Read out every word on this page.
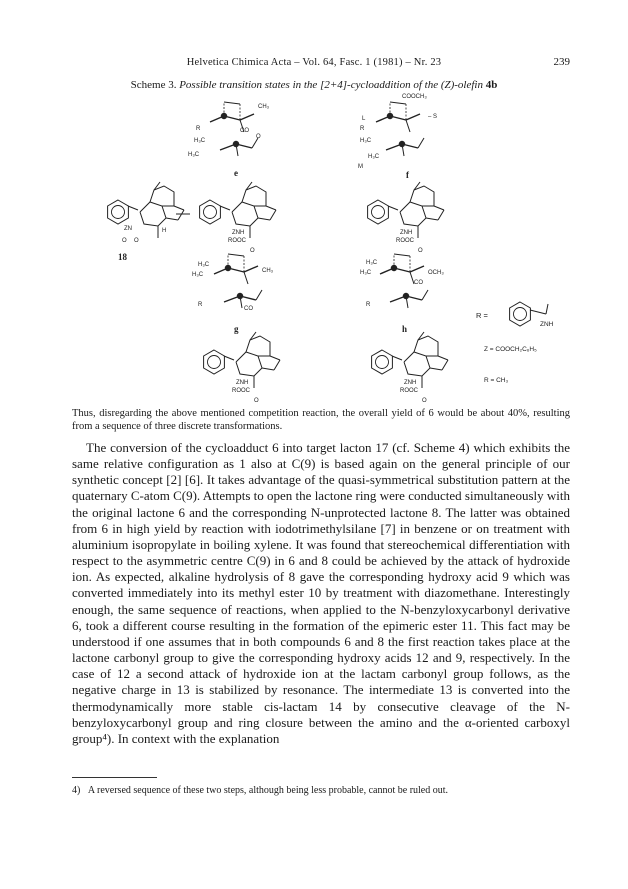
Helvetica Chimica Acta – Vol. 64, Fasc. 1 (1981) – Nr. 23	239
Scheme 3. Possible transition states in the [2+4]-cycloaddition of the (Z)-olefin 4b
R	CO
CH₃
H₃C
H₃C
O
e
L
R
COOCH₃
– S
H₃C
H₃C
M
f
ZN	H
O O
18
ZNH
ROOC
O
ZNH
ROOC
O
H₃C
H₃C
CH₃
R
CO
g
H₃C
H₃C	OCH₃
CO
R
h
ZNH
ROOC
O
ZNH
ROOC
O
R =
ZNH
Z = COOCH₂C₆H₅
R = CH₃
Thus, disregarding the above mentioned competition reaction, the overall yield of 6 would be about 40%, resulting from a sequence of three discrete transformations.

The conversion of the cycloadduct 6 into target lacton 17 (cf. Scheme 4) which exhibits the same relative configuration as 1 also at C(9) is based again on the general principle of our synthetic concept [2] [6]. It takes advantage of the quasi-symmetrical substitution pattern at the quaternary C-atom C(9). Attempts to open the lactone ring were conducted simultaneously with the original lactone 6 and the corresponding N-unprotected lactone 8. The latter was obtained from 6 in high yield by reaction with iodotrimethylsilane [7] in benzene or on treatment with aluminium isopropylate in boiling xylene. It was found that stereochemical differentiation with respect to the asymmetric centre C(9) in 6 and 8 could be achieved by the attack of hydroxide ion. As expected, alkaline hydrolysis of 8 gave the corresponding hydroxy acid 9 which was converted immediately into its methyl ester 10 by treatment with diazomethane. Interestingly enough, the same sequence of reactions, when applied to the N-benzyloxycarbonyl derivative 6, took a different course resulting in the formation of the epimeric ester 11. This fact may be understood if one assumes that in both compounds 6 and 8 the first reaction takes place at the lactone carbonyl group to give the corresponding hydroxy acids 12 and 9, respectively. In the case of 12 a second attack of hydroxide ion at the lactam carbonyl group follows, as the negative charge in 13 is stabilized by resonance. The intermediate 13 is converted into the thermodynamically more stable cis-lactam 14 by consecutive cleavage of the N-benzyloxycarbonyl group and ring closure between the amino and the α-oriented carboxyl group⁴). In context with the explanation

4) A reversed sequence of these two steps, although being less probable, cannot be ruled out.
